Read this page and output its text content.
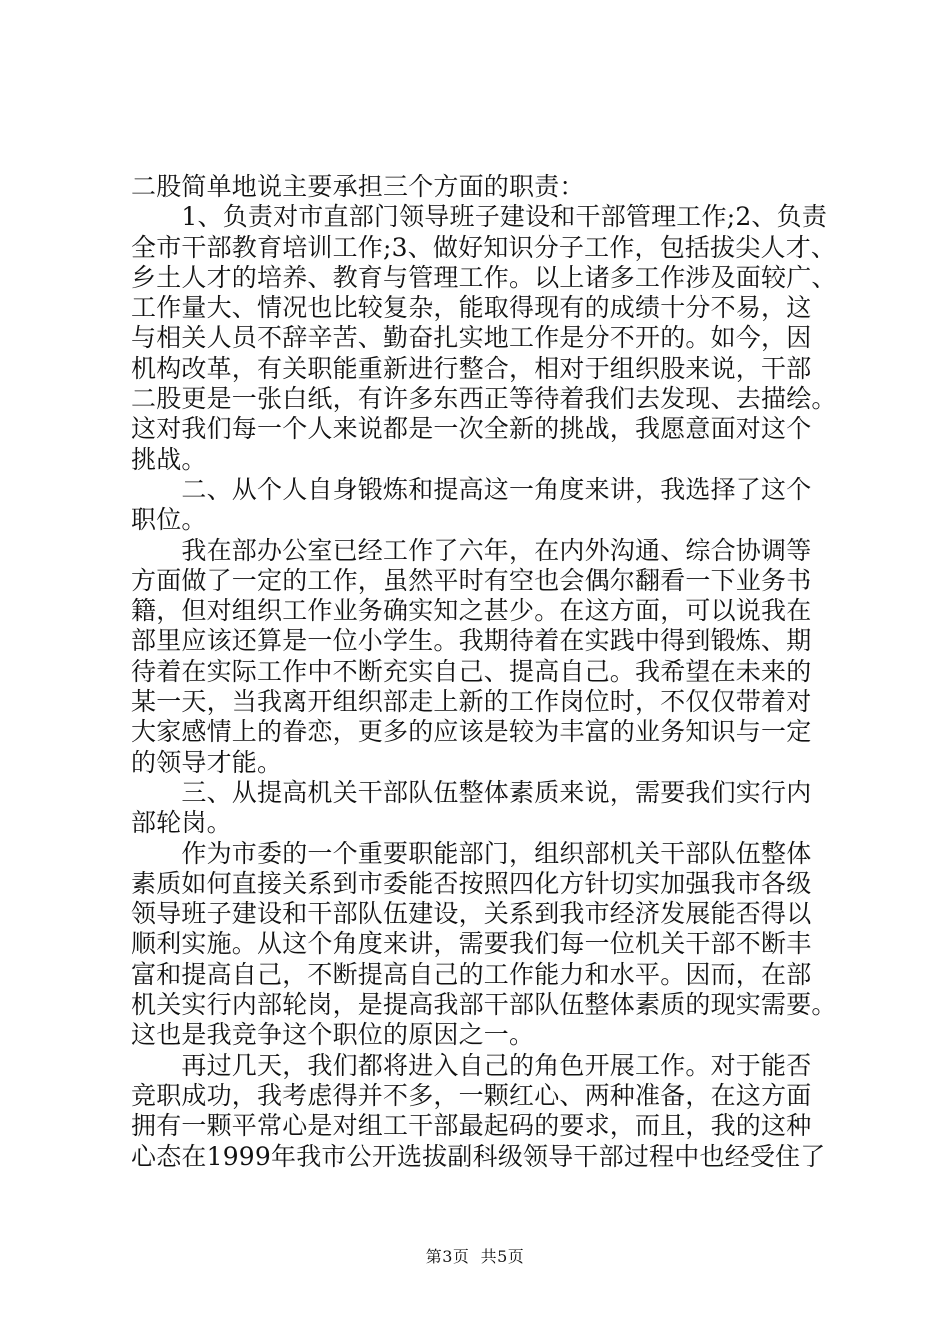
二股简单地说主要承担三个方面的职责：
　　1、负责对市直部门领导班子建设和干部管理工作;2、负责
全市干部教育培训工作;3、做好知识分子工作，包括拔尖人才、
乡土人才的培养、教育与管理工作。以上诸多工作涉及面较广、
工作量大、情况也比较复杂，能取得现有的成绩十分不易，这
与相关人员不辞辛苦、勤奋扎实地工作是分不开的。如今，因
机构改革，有关职能重新进行整合，相对于组织股来说，干部
二股更是一张白纸，有许多东西正等待着我们去发现、去描绘。
这对我们每一个人来说都是一次全新的挑战，我愿意面对这个
挑战。
　　二、从个人自身锻炼和提高这一角度来讲，我选择了这个
职位。
　　我在部办公室已经工作了六年，在内外沟通、综合协调等
方面做了一定的工作，虽然平时有空也会偶尔翻看一下业务书
籍，但对组织工作业务确实知之甚少。在这方面，可以说我在
部里应该还算是一位小学生。我期待着在实践中得到锻炼、期
待着在实际工作中不断充实自己、提高自己。我希望在未来的
某一天，当我离开组织部走上新的工作岗位时，不仅仅带着对
大家感情上的眷恋，更多的应该是较为丰富的业务知识与一定
的领导才能。
　　三、从提高机关干部队伍整体素质来说，需要我们实行内
部轮岗。
　　作为市委的一个重要职能部门，组织部机关干部队伍整体
素质如何直接关系到市委能否按照四化方针切实加强我市各级
领导班子建设和干部队伍建设，关系到我市经济发展能否得以
顺利实施。从这个角度来讲，需要我们每一位机关干部不断丰
富和提高自己，不断提高自己的工作能力和水平。因而，在部
机关实行内部轮岗，是提高我部干部队伍整体素质的现实需要。
这也是我竞争这个职位的原因之一。
　　再过几天，我们都将进入自己的角色开展工作。对于能否
竞职成功，我考虑得并不多，一颗红心、两种准备，在这方面
拥有一颗平常心是对组工干部最起码的要求，而且，我的这种
心态在1999年我市公开选拔副科级领导干部过程中也经受住了
第3页  共5页
